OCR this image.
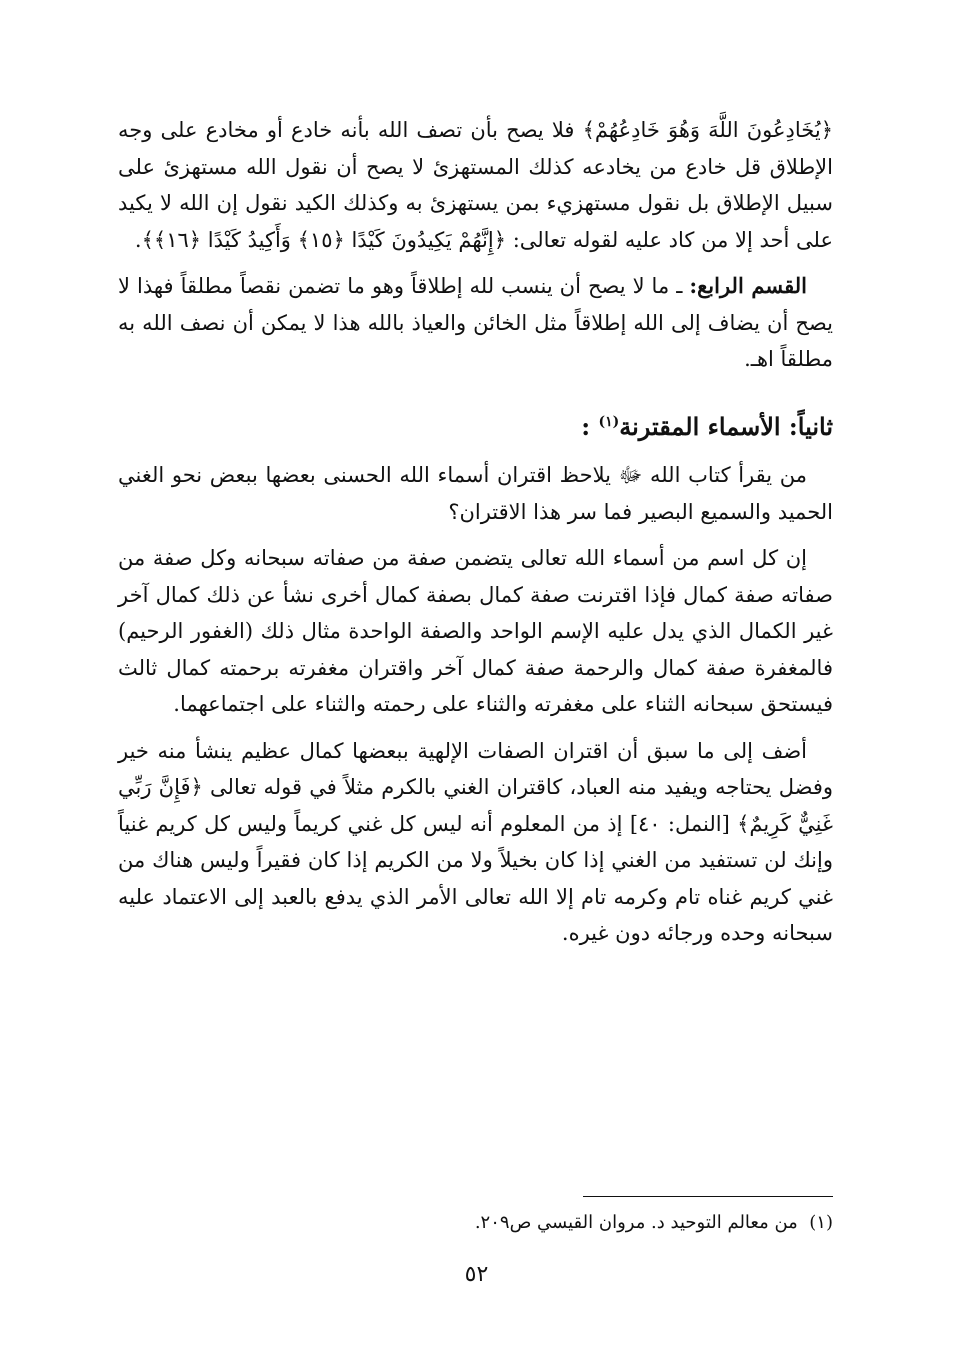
﴿يُخَادِعُونَ اللَّهَ وَهُوَ خَادِعُهُمْ﴾ فلا يصح بأن تصف الله بأنه خادع أو مخادع على وجه الإطلاق قل خادع من يخادعه كذلك المستهزئ لا يصح أن نقول الله مستهزئ على سبيل الإطلاق بل نقول مستهزيء بمن يستهزئ به وكذلك الكيد نقول إن الله لا يكيد على أحد إلا من كاد عليه لقوله تعالى: ﴿إِنَّهُمْ يَكِيدُونَ كَيْدًا ﴿١٥﴾ وَأَكِيدُ كَيْدًا ﴿١٦﴾﴾.

القسم الرابع: ـ ما لا يصح أن ينسب لله إطلاقاً وهو ما تضمن نقصاً مطلقاً فهذا لا يصح أن يضاف إلى الله إطلاقاً مثل الخائن والعياذ بالله هذا لا يمكن أن نصف الله به مطلقاً اهـ.

ثانياً: الأسماء المقترنة$^{(١)}$ :

من يقرأ كتاب الله ﷻ يلاحظ اقتران أسماء الله الحسنى بعضها ببعض نحو الغني الحميد والسميع البصير فما سر هذا الاقتران؟

إن كل اسم من أسماء الله تعالى يتضمن صفة من صفاته سبحانه وكل صفة من صفاته صفة كمال فإذا اقترنت صفة كمال بصفة كمال أخرى نشأ عن ذلك كمال آخر غير الكمال الذي يدل عليه الإسم الواحد والصفة الواحدة مثال ذلك (الغفور الرحيم) فالمغفرة صفة كمال والرحمة صفة كمال آخر واقتران مغفرته برحمته كمال ثالث فيستحق سبحانه الثناء على مغفرته والثناء على رحمته والثناء على اجتماعهما.

أضف إلى ما سبق أن اقتران الصفات الإلهية ببعضها كمال عظيم ينشأ منه خير وفضل يحتاجه ويفيد منه العباد، كاقتران الغني بالكرم مثلاً في قوله تعالى ﴿فَإِنَّ رَبِّي غَنِيٌّ كَرِيمٌ﴾ [النمل: ٤٠] إذ من المعلوم أنه ليس كل غني كريماً وليس كل كريم غنياً وإنك لن تستفيد من الغني إذا كان بخيلاً ولا من الكريم إذا كان فقيراً وليس هناك من غني كريم غناه تام وكرمه تام إلا الله تعالى الأمر الذي يدفع بالعبد إلى الاعتماد عليه سبحانه وحده ورجائه دون غيره.

(١)  من معالم التوحيد د. مروان القيسي ص٢٠٩.
٥٢
